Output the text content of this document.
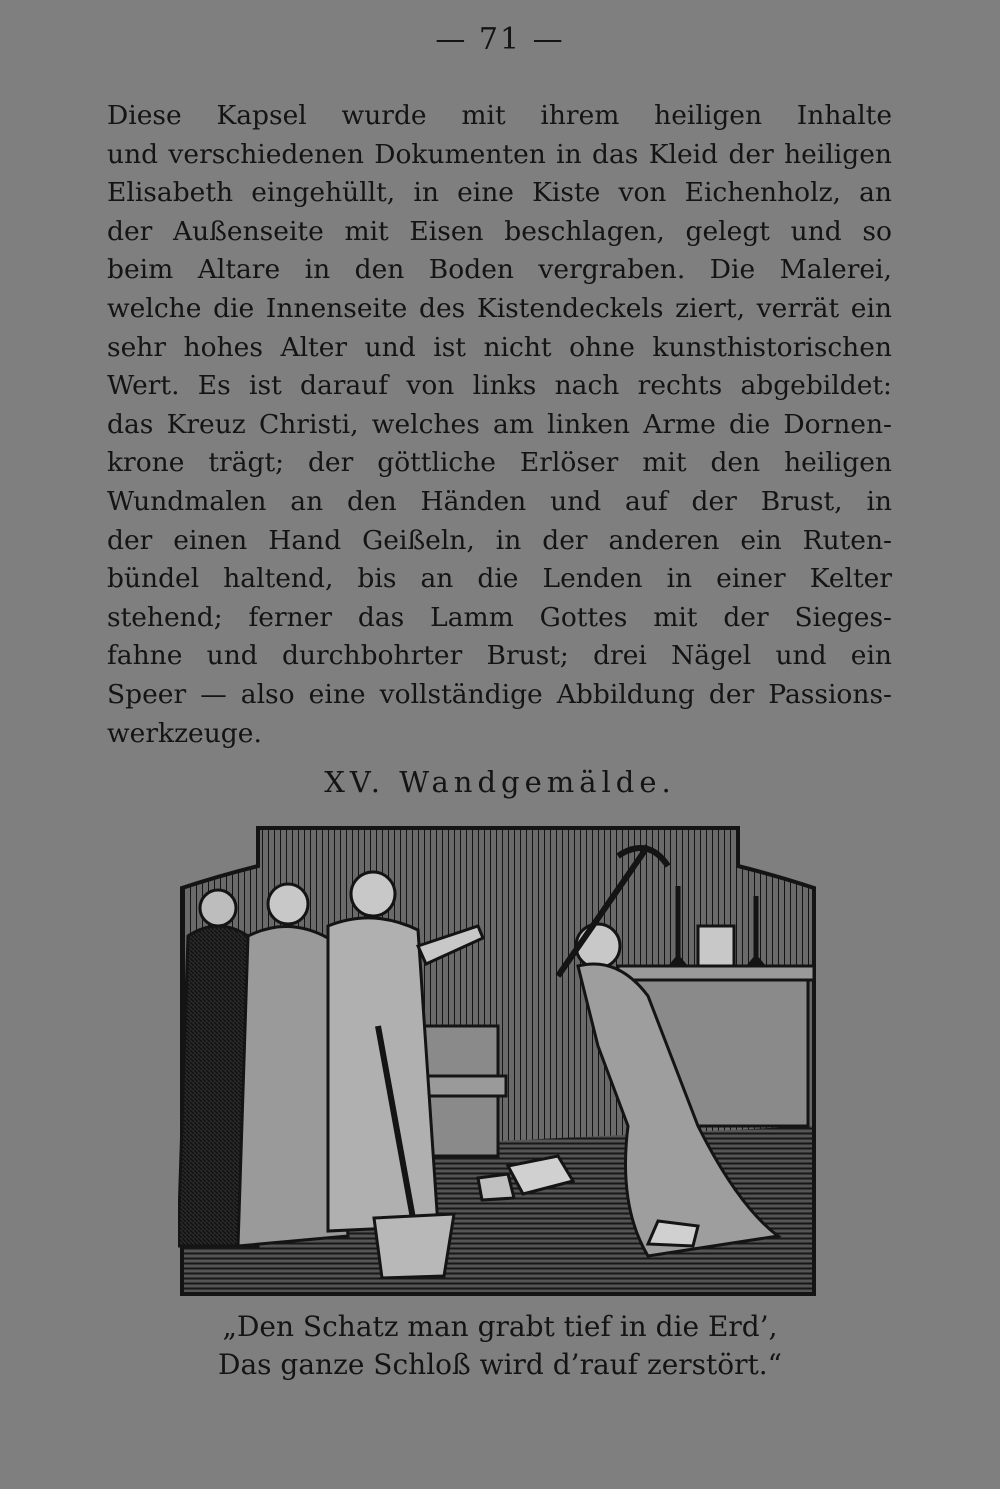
— 71 —
Diese Kapsel wurde mit ihrem heiligen Inhalte
und verschiedenen Dokumenten in das Kleid der heiligen
Elisabeth eingehüllt, in eine Kiste von Eichenholz, an
der Außenseite mit Eisen beschlagen, gelegt und so
beim Altare in den Boden vergraben. Die Malerei,
welche die Innenseite des Kistendeckels ziert, verrät ein
sehr hohes Alter und ist nicht ohne kunsthistorischen
Wert. Es ist darauf von links nach rechts abgebildet:
das Kreuz Christi, welches am linken Arme die Dornen-
krone trägt; der göttliche Erlöser mit den heiligen
Wundmalen an den Händen und auf der Brust, in
der einen Hand Geißeln, in der anderen ein Ruten-
bündel haltend, bis an die Lenden in einer Kelter
stehend; ferner das Lamm Gottes mit der Sieges-
fahne und durchbohrter Brust; drei Nägel und ein
Speer — also eine vollständige Abbildung der Passions-
werkzeuge.
XV. Wandgemälde.
„Den Schatz man grabt tief in die Erd’,
Das ganze Schloß wird d’rauf zerstört.“
